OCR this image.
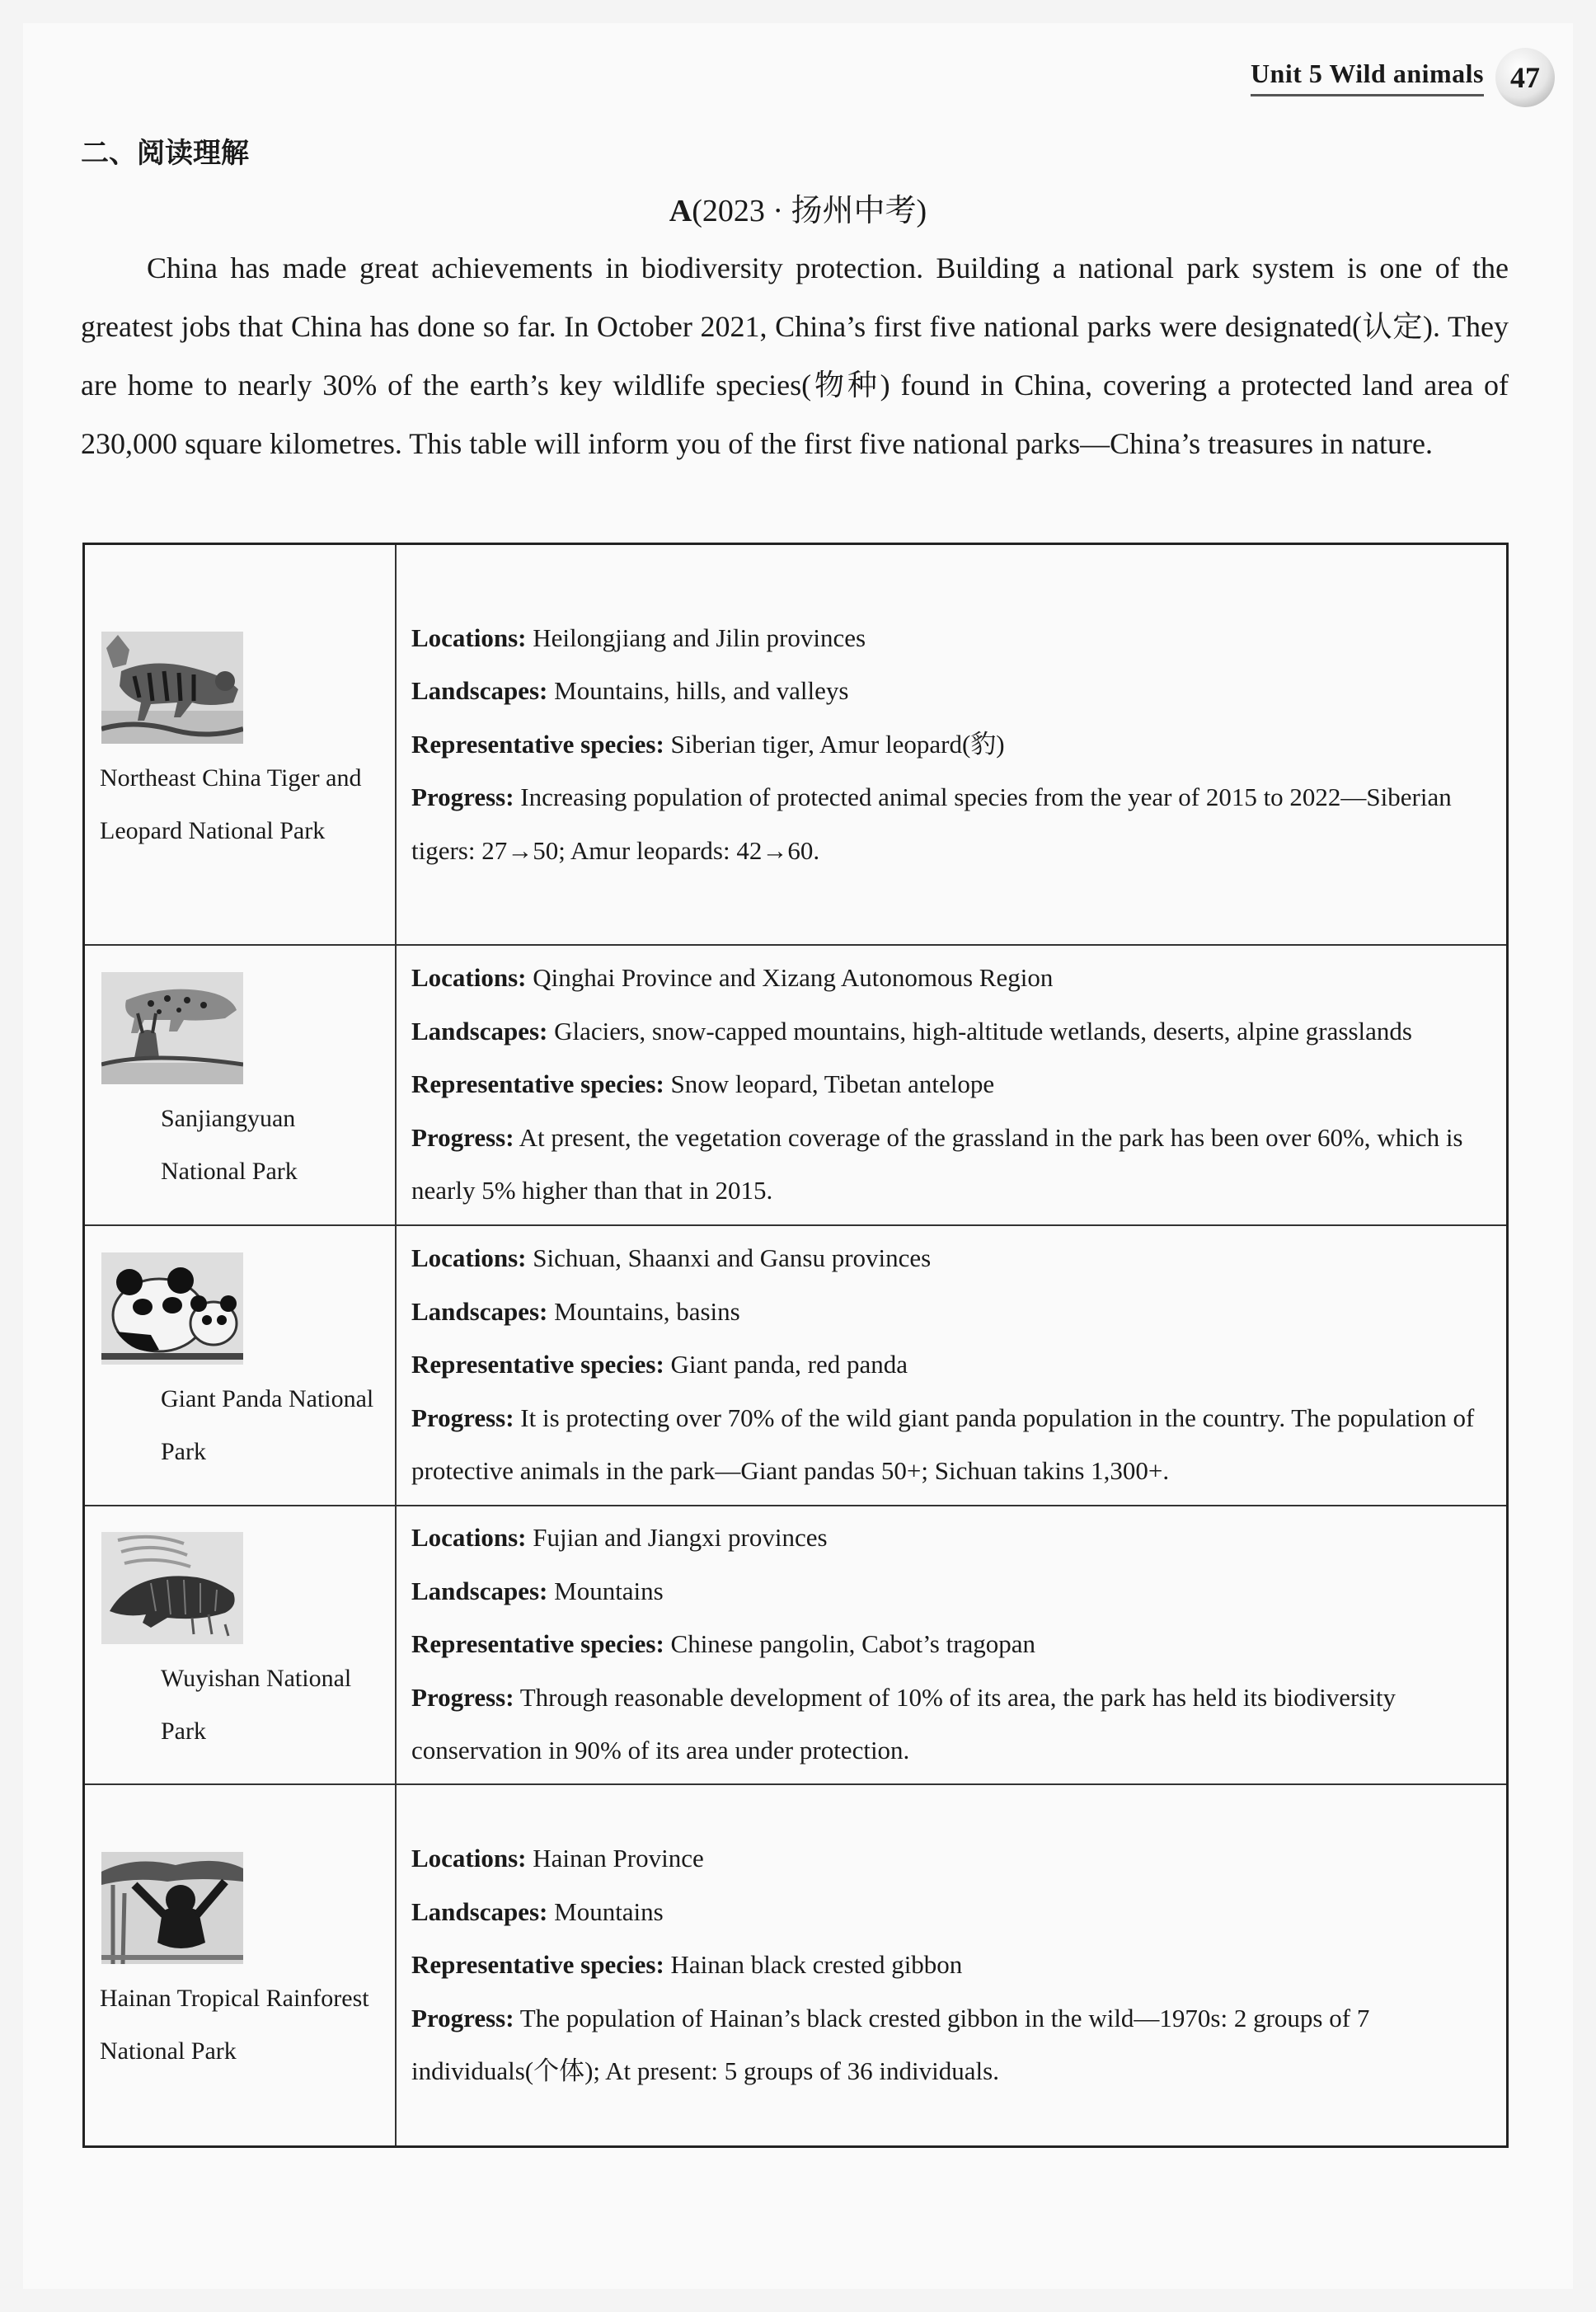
Unit 5 Wild animals 47
二、阅读理解
A(2023 · 扬州中考)

China has made great achievements in biodiversity protection. Building a national park system is one of the greatest jobs that China has done so far. In October 2021, China’s first five national parks were designated(认定). They are home to nearly 30% of the earth’s key wildlife species(物种) found in China, covering a protected land area of 230,000 square kilometres. This table will inform you of the first five national parks—China’s treasures in nature.

Northeast China Tiger and Leopard National Park	Locations: Heilongjiang and Jilin provinces
Landscapes: Mountains, hills, and valleys
Representative species: Siberian tiger, Amur leopard(豹)
Progress: Increasing population of protected animal species from the year of 2015 to 2022—Siberian tigers: 27→50; Amur leopards: 42→60.

Sanjiangyuan National Park	Locations: Qinghai Province and Xizang Autonomous Region
Landscapes: Glaciers, snow-capped mountains, high-altitude wetlands, deserts, alpine grasslands
Representative species: Snow leopard, Tibetan antelope
Progress: At present, the vegetation coverage of the grassland in the park has been over 60%, which is nearly 5% higher than that in 2015.

Giant Panda National Park	Locations: Sichuan, Shaanxi and Gansu provinces
Landscapes: Mountains, basins
Representative species: Giant panda, red panda
Progress: It is protecting over 70% of the wild giant panda population in the country. The population of protective animals in the park—Giant pandas 50+; Sichuan takins 1,300+.

Wuyishan National Park	Locations: Fujian and Jiangxi provinces
Landscapes: Mountains
Representative species: Chinese pangolin, Cabot’s tragopan
Progress: Through reasonable development of 10% of its area, the park has held its biodiversity conservation in 90% of its area under protection.

Hainan Tropical Rainforest National Park	Locations: Hainan Province
Landscapes: Mountains
Representative species: Hainan black crested gibbon
Progress: The population of Hainan’s black crested gibbon in the wild—1970s: 2 groups of 7 individuals(个体); At present: 5 groups of 36 individuals.
